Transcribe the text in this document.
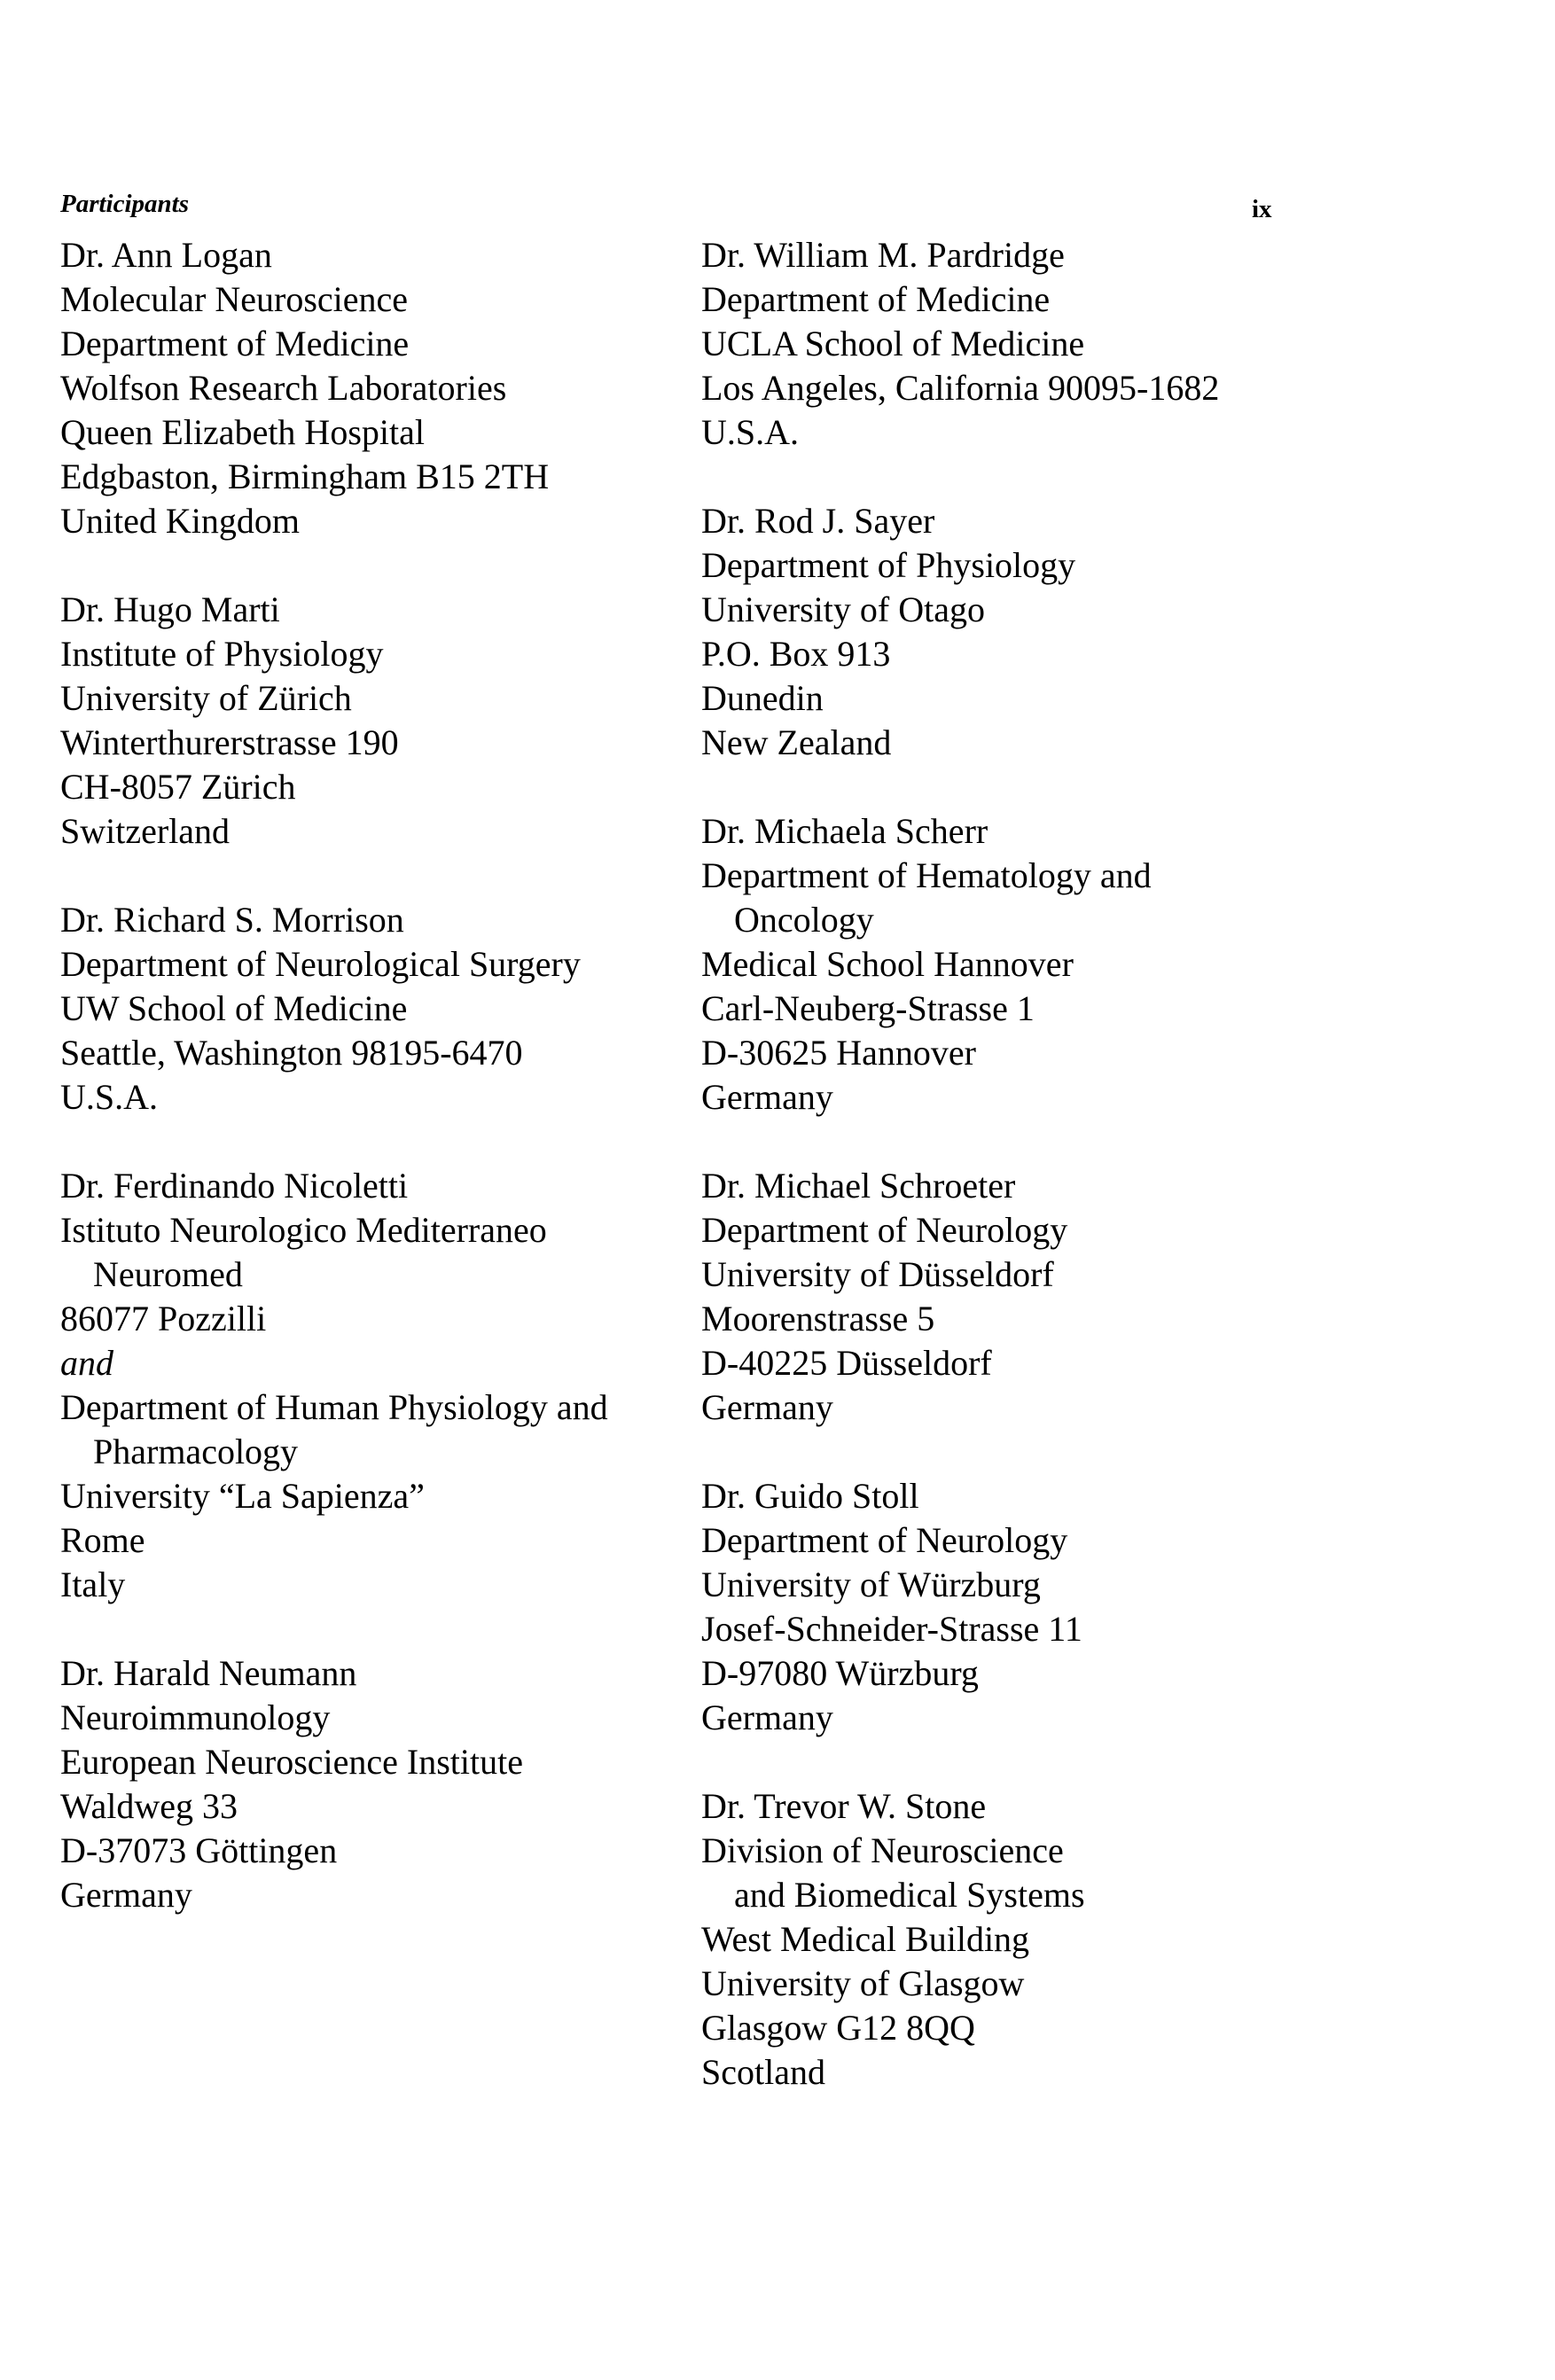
Participants	ix
Dr. Ann Logan
Molecular Neuroscience
Department of Medicine
Wolfson Research Laboratories
Queen Elizabeth Hospital
Edgbaston, Birmingham B15 2TH
United Kingdom
Dr. Hugo Marti
Institute of Physiology
University of Zürich
Winterthurerstrasse 190
CH-8057 Zürich
Switzerland
Dr. Richard S. Morrison
Department of Neurological Surgery
UW School of Medicine
Seattle, Washington 98195-6470
U.S.A.
Dr. Ferdinando Nicoletti
Istituto Neurologico Mediterraneo
Neuromed
86077 Pozzilli
and
Department of Human Physiology and
Pharmacology
University “La Sapienza”
Rome
Italy
Dr. Harald Neumann
Neuroimmunology
European Neuroscience Institute
Waldweg 33
D-37073 Göttingen
Germany
Dr. William M. Pardridge
Department of Medicine
UCLA School of Medicine
Los Angeles, California 90095-1682
U.S.A.
Dr. Rod J. Sayer
Department of Physiology
University of Otago
P.O. Box 913
Dunedin
New Zealand
Dr. Michaela Scherr
Department of Hematology and
Oncology
Medical School Hannover
Carl-Neuberg-Strasse 1
D-30625 Hannover
Germany
Dr. Michael Schroeter
Department of Neurology
University of Düsseldorf
Moorenstrasse 5
D-40225 Düsseldorf
Germany
Dr. Guido Stoll
Department of Neurology
University of Würzburg
Josef-Schneider-Strasse 11
D-97080 Würzburg
Germany
Dr. Trevor W. Stone
Division of Neuroscience
and Biomedical Systems
West Medical Building
University of Glasgow
Glasgow G12 8QQ
Scotland
